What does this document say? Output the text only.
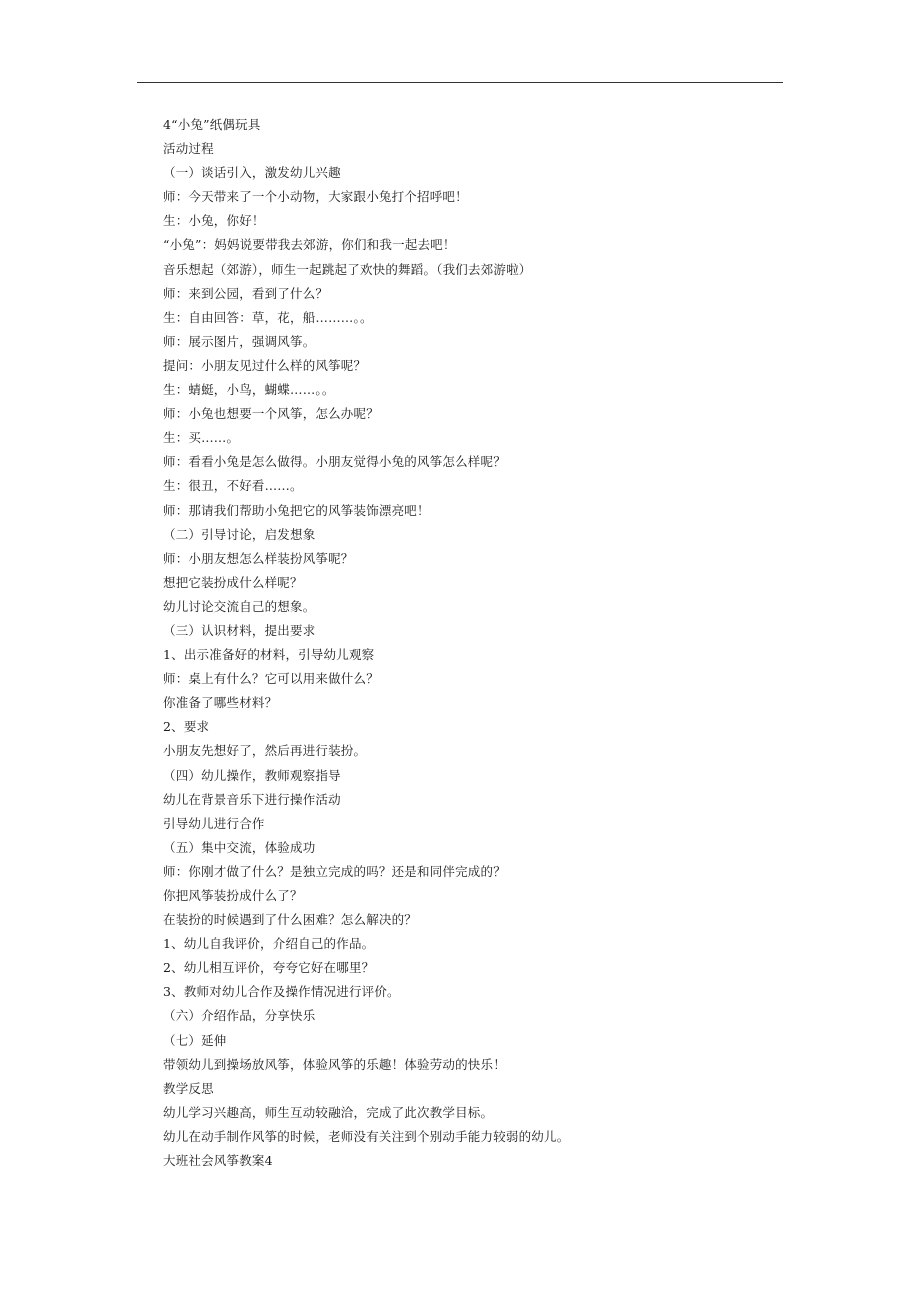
4“小兔”纸偶玩具
活动过程
（一）谈话引入，激发幼儿兴趣
师：今天带来了一个小动物，大家跟小兔打个招呼吧！
生：小兔，你好！
“小兔”：妈妈说要带我去郊游，你们和我一起去吧！
音乐想起（郊游），师生一起跳起了欢快的舞蹈。（我们去郊游啦）
师：来到公园，看到了什么？
生：自由回答：草，花，船………。。
师：展示图片，强调风筝。
提问：小朋友见过什么样的风筝呢？
生：蜻蜓，小鸟，蝴蝶……。。
师：小兔也想要一个风筝，怎么办呢？
生：买……。
师：看看小兔是怎么做得。小朋友觉得小兔的风筝怎么样呢？
生：很丑，不好看……。
师：那请我们帮助小兔把它的风筝装饰漂亮吧！
（二）引导讨论，启发想象
师：小朋友想怎么样装扮风筝呢？
想把它装扮成什么样呢？
幼儿讨论交流自己的想象。
（三）认识材料，提出要求
1、出示准备好的材料，引导幼儿观察
师：桌上有什么？它可以用来做什么？
你准备了哪些材料？
2、要求
小朋友先想好了，然后再进行装扮。
（四）幼儿操作，教师观察指导
幼儿在背景音乐下进行操作活动
引导幼儿进行合作
（五）集中交流，体验成功
师：你刚才做了什么？是独立完成的吗？还是和同伴完成的？
你把风筝装扮成什么了？
在装扮的时候遇到了什么困难？怎么解决的？
1、幼儿自我评价，介绍自己的作品。
2、幼儿相互评价，夸夸它好在哪里？
3、教师对幼儿合作及操作情况进行评价。
（六）介绍作品，分享快乐
（七）延伸
带领幼儿到操场放风筝，体验风筝的乐趣！体验劳动的快乐！
教学反思
幼儿学习兴趣高，师生互动较融洽，完成了此次教学目标。
幼儿在动手制作风筝的时候，老师没有关注到个别动手能力较弱的幼儿。
大班社会风筝教案4
